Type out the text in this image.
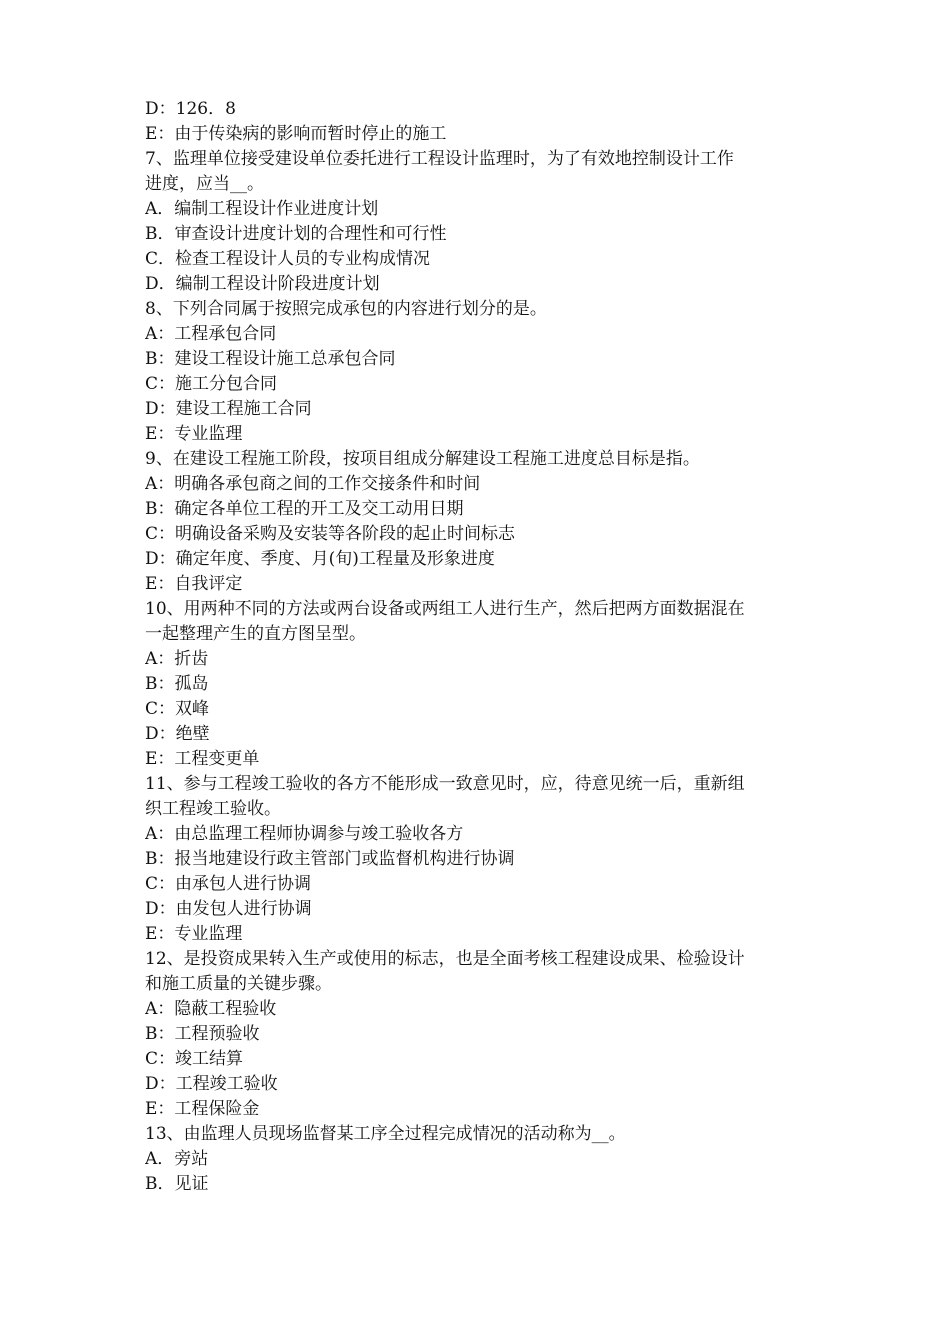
D：126．8
E：由于传染病的影响而暂时停止的施工
7、监理单位接受建设单位委托进行工程设计监理时，为了有效地控制设计工作
进度，应当__。
A．编制工程设计作业进度计划
B．审查设计进度计划的合理性和可行性
C．检查工程设计人员的专业构成情况
D．编制工程设计阶段进度计划
8、下列合同属于按照完成承包的内容进行划分的是。
A：工程承包合同
B：建设工程设计施工总承包合同
C：施工分包合同
D：建设工程施工合同
E：专业监理
9、在建设工程施工阶段，按项目组成分解建设工程施工进度总目标是指。
A：明确各承包商之间的工作交接条件和时间
B：确定各单位工程的开工及交工动用日期
C：明确设备采购及安装等各阶段的起止时间标志
D：确定年度、季度、月(旬)工程量及形象进度
E：自我评定
10、用两种不同的方法或两台设备或两组工人进行生产，然后把两方面数据混在
一起整理产生的直方图呈型。
A：折齿
B：孤岛
C：双峰
D：绝壁
E：工程变更单
11、参与工程竣工验收的各方不能形成一致意见时，应，待意见统一后，重新组
织工程竣工验收。
A：由总监理工程师协调参与竣工验收各方
B：报当地建设行政主管部门或监督机构进行协调
C：由承包人进行协调
D：由发包人进行协调
E：专业监理
12、是投资成果转入生产或使用的标志，也是全面考核工程建设成果、检验设计
和施工质量的关键步骤。
A：隐蔽工程验收
B：工程预验收
C：竣工结算
D：工程竣工验收
E：工程保险金
13、由监理人员现场监督某工序全过程完成情况的活动称为__。
A．旁站
B．见证
